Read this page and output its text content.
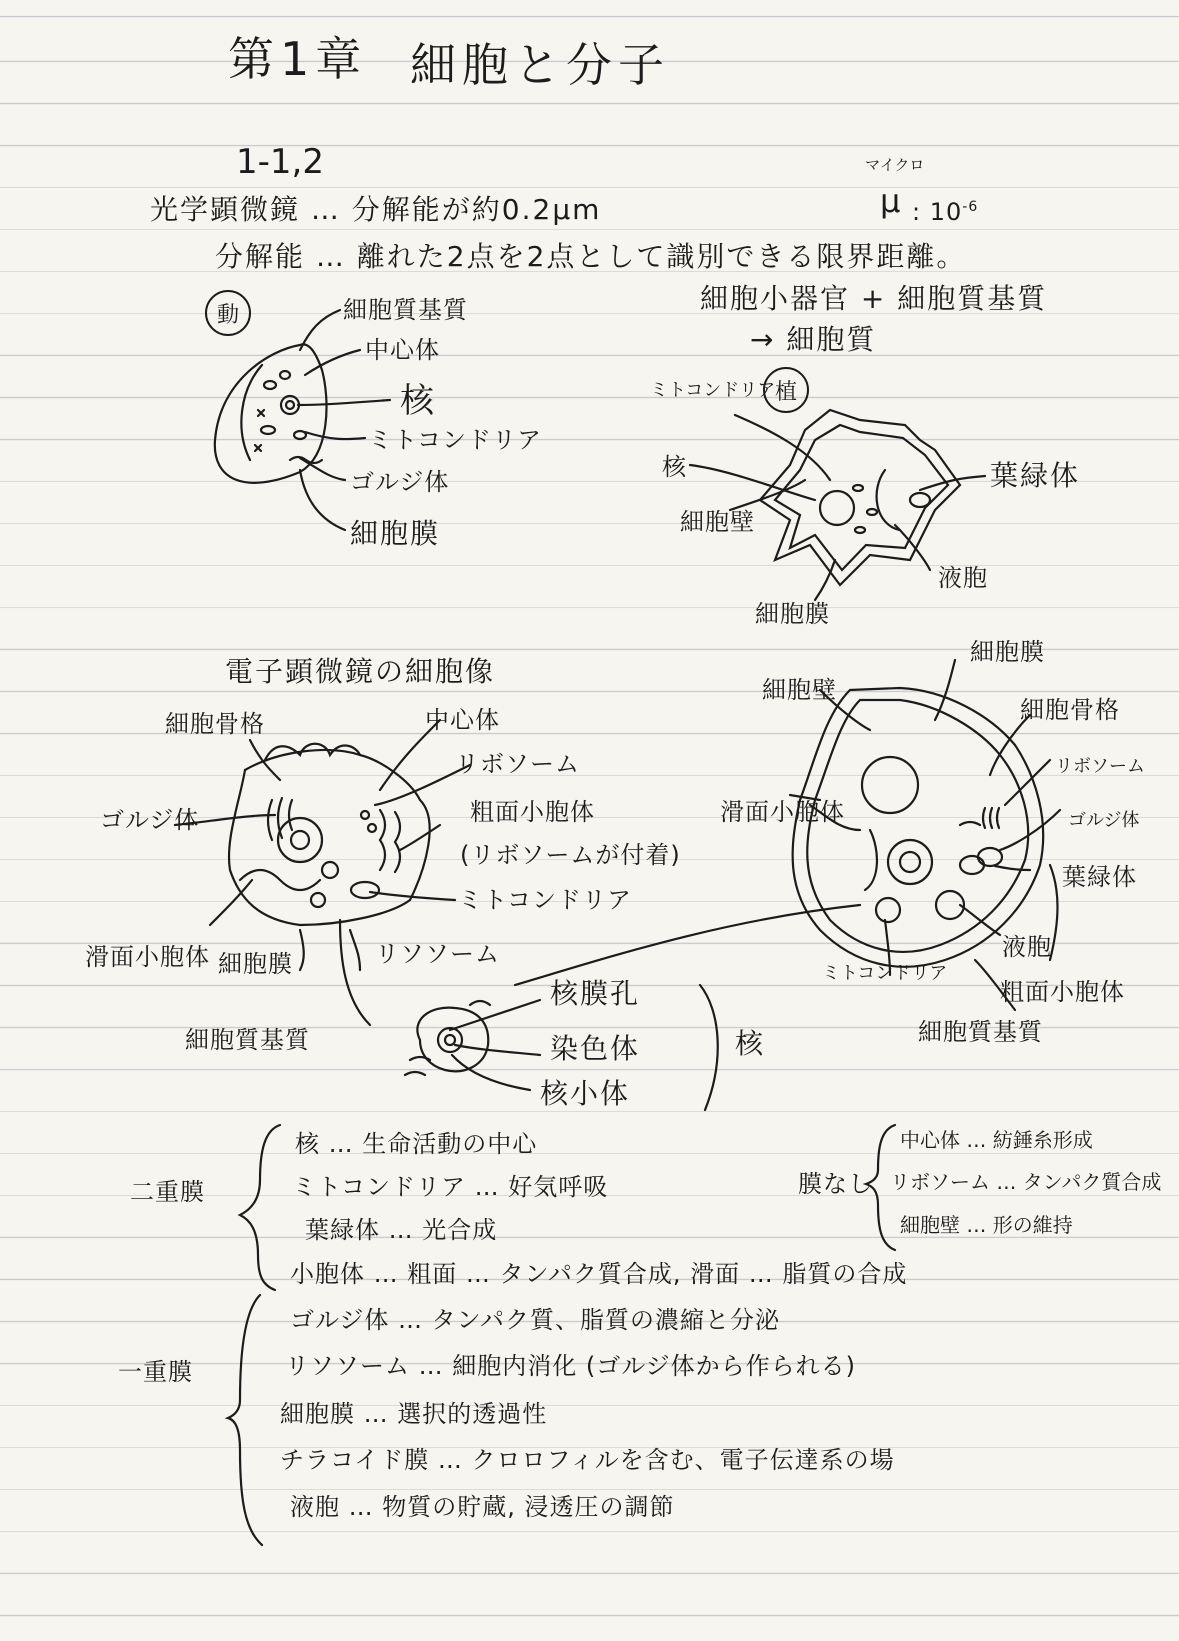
第1章 細胞と分子
1-1,2	マイクロ
光学顕微鏡 … 分解能が約0.2μm	μ : $10^{-6}$
分解能 … 離れた2点を2点として識別できる限界距離。
細胞小器官 + 細胞質基質
→ 細胞質
動	細胞質基質
中心体
核
ミトコンドリア
ゴルジ体
細胞膜
植
ミトコンドリア
核
細胞壁
葉緑体
液胞
細胞膜
電子顕微鏡の細胞像
細胞骨格	中心体
リボソーム
ゴルジ体	粗面小胞体
(リボソームが付着)
ミトコンドリア
滑面小胞体 細胞膜	リソソーム
細胞質基質
核膜孔
染色体
核小体
核
細胞膜
細胞壁
細胞骨格
リボソーム
滑面小胞体	ゴルジ体
葉緑体
液胞
ミトコンドリア
粗面小胞体
細胞質基質
二重膜
核 … 生命活動の中心
ミトコンドリア … 好気呼吸
葉緑体 … 光合成
一重膜
小胞体 … 粗面 … タンパク質合成, 滑面 … 脂質の合成
ゴルジ体 … タンパク質、脂質の濃縮と分泌
リソソーム … 細胞内消化 (ゴルジ体から作られる)
細胞膜 … 選択的透過性
チラコイド膜 … クロロフィルを含む、電子伝達系の場
液胞 … 物質の貯蔵, 浸透圧の調節
膜なし
中心体 … 紡錘糸形成
リボソーム … タンパク質合成
細胞壁 … 形の維持
